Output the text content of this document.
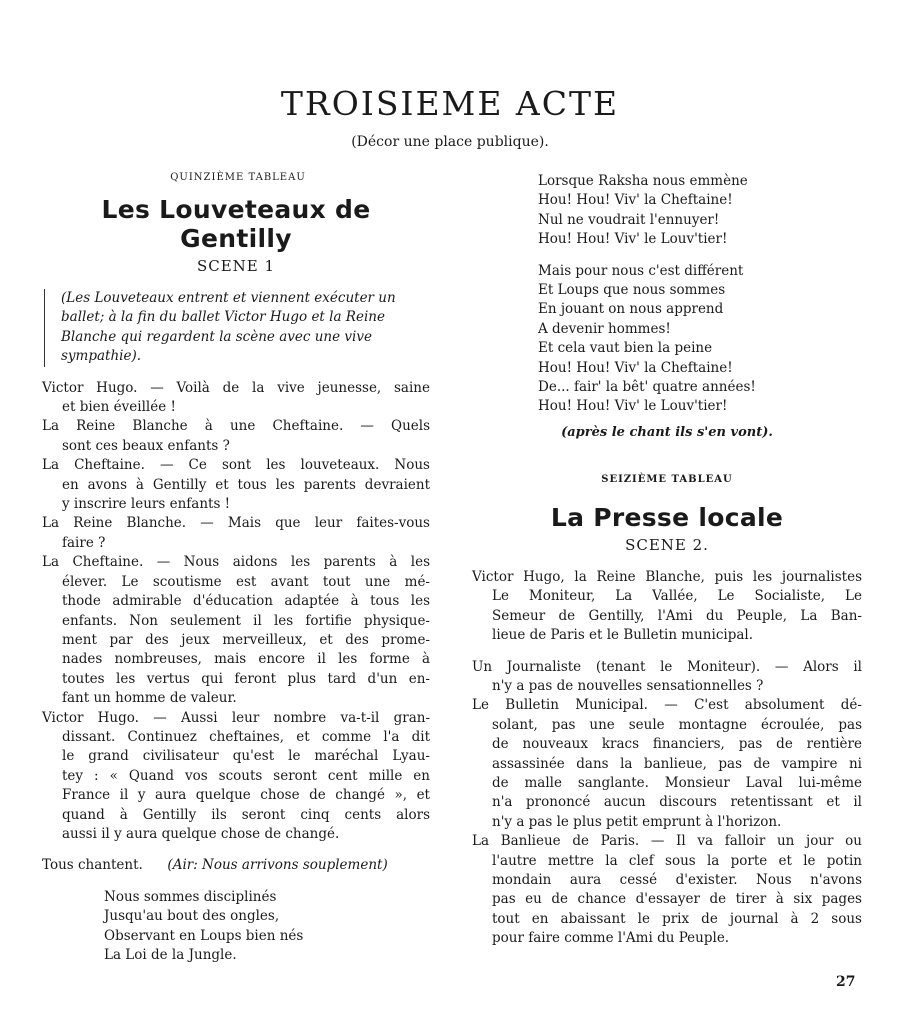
TROISIEME ACTE
(Décor une place publique).
QUINZIÈME TABLEAU
Les Louveteaux de Gentilly
SCENE 1
(Les Louveteaux entrent et viennent exécuter un
ballet; à la fin du ballet Victor Hugo et la Reine
Blanche qui regardent la scène avec une vive
sympathie).
Victor Hugo. — Voilà de la vive jeunesse, saine
et bien éveillée !
La Reine Blanche à une Cheftaine. — Quels
sont ces beaux enfants ?
La Cheftaine. — Ce sont les louveteaux. Nous
en avons à Gentilly et tous les parents devraient
y inscrire leurs enfants !
La Reine Blanche. — Mais que leur faites-vous
faire ?
La Cheftaine. — Nous aidons les parents à les
élever. Le scoutisme est avant tout une mé-
thode admirable d'éducation adaptée à tous les
enfants. Non seulement il les fortifie physique-
ment par des jeux merveilleux, et des prome-
nades nombreuses, mais encore il les forme à
toutes les vertus qui feront plus tard d'un en-
fant un homme de valeur.
Victor Hugo. — Aussi leur nombre va-t-il gran-
dissant. Continuez cheftaines, et comme l'a dit
le grand civilisateur qu'est le maréchal Lyau-
tey : « Quand vos scouts seront cent mille en
France il y aura quelque chose de changé », et
quand à Gentilly ils seront cinq cents alors
aussi il y aura quelque chose de changé.
Tous chantent. (Air: Nous arrivons souplement)
Nous sommes disciplinés
Jusqu'au bout des ongles,
Observant en Loups bien nés
La Loi de la Jungle.
Lorsque Raksha nous emmène
Hou! Hou! Viv' la Cheftaine!
Nul ne voudrait l'ennuyer!
Hou! Hou! Viv' le Louv'tier!
Mais pour nous c'est différent
Et Loups que nous sommes
En jouant on nous apprend
A devenir hommes!
Et cela vaut bien la peine
Hou! Hou! Viv' la Cheftaine!
De... fair' la bêt' quatre années!
Hou! Hou! Viv' le Louv'tier!
(après le chant ils s'en vont).
SEIZIÈME TABLEAU
La Presse locale
SCENE 2.
Victor Hugo, la Reine Blanche, puis les journalistes
Le Moniteur, La Vallée, Le Socialiste, Le
Semeur de Gentilly, l'Ami du Peuple, La Ban-
lieue de Paris et le Bulletin municipal.
Un Journaliste (tenant le Moniteur). — Alors il
n'y a pas de nouvelles sensationnelles ?
Le Bulletin Municipal. — C'est absolument dé-
solant, pas une seule montagne écroulée, pas
de nouveaux kracs financiers, pas de rentière
assassinée dans la banlieue, pas de vampire ni
de malle sanglante. Monsieur Laval lui-même
n'a prononcé aucun discours retentissant et il
n'y a pas le plus petit emprunt à l'horizon.
La Banlieue de Paris. — Il va falloir un jour ou
l'autre mettre la clef sous la porte et le potin
mondain aura cessé d'exister. Nous n'avons
pas eu de chance d'essayer de tirer à six pages
tout en abaissant le prix de journal à 2 sous
pour faire comme l'Ami du Peuple.
27
